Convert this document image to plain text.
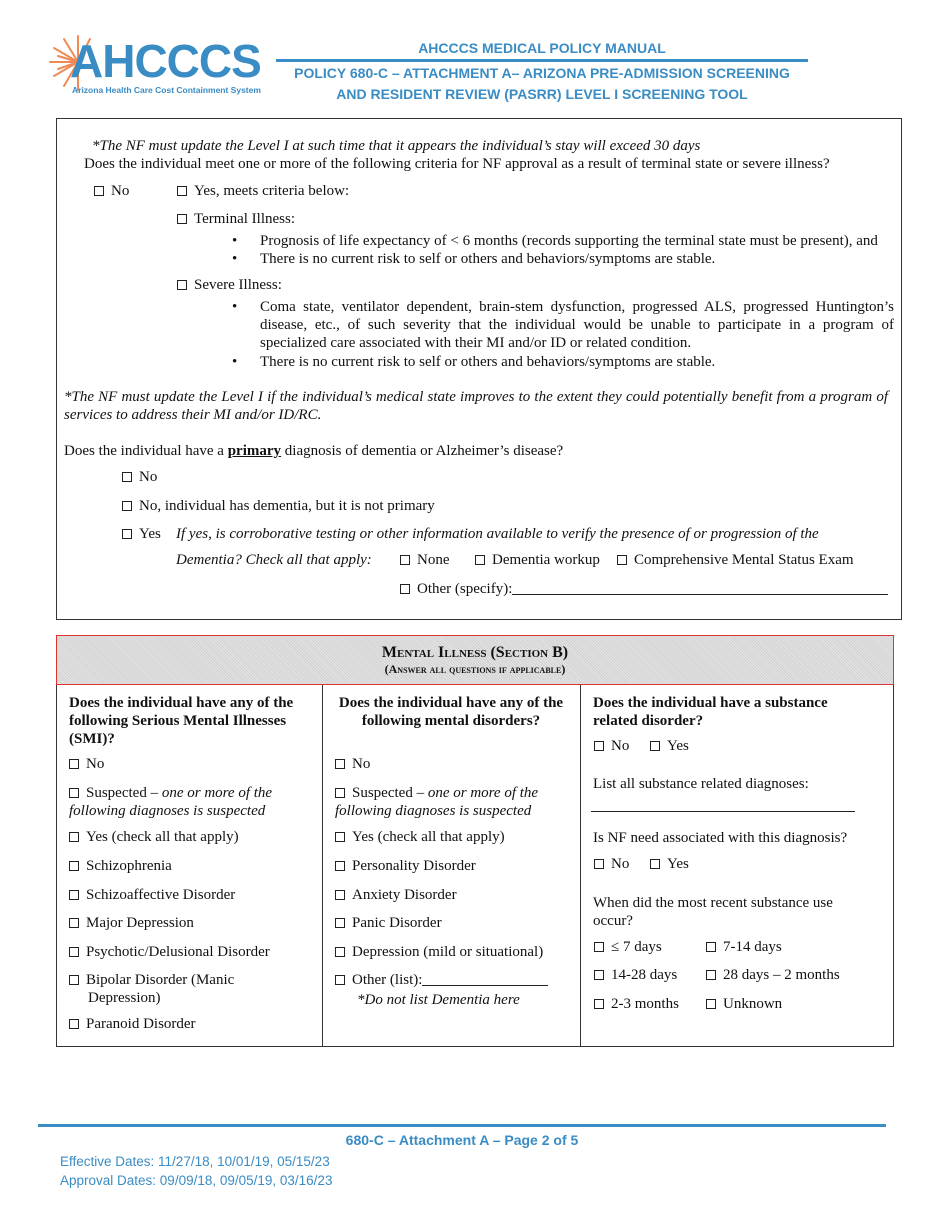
AHCCCS
Arizona Health Care Cost Containment System
AHCCCS MEDICAL POLICY MANUAL
POLICY 680-C – ATTACHMENT A– ARIZONA PRE-ADMISSION SCREENING
AND RESIDENT REVIEW (PASRR) LEVEL I SCREENING TOOL
*The NF must update the Level I at such time that it appears the individual’s stay will exceed 30 days
Does the individual meet one or more of the following criteria for NF approval as a result of terminal state or severe illness?
No	Yes, meets criteria below:
Terminal Illness:
• Prognosis of life expectancy of < 6 months (records supporting the terminal state must be present), and
• There is no current risk to self or others and behaviors/symptoms are stable.
Severe Illness:
• Coma state, ventilator dependent, brain-stem dysfunction, progressed ALS, progressed Huntington’s disease, etc., of such severity that the individual would be unable to participate in a program of specialized care associated with their MI and/or ID or related condition.
• There is no current risk to self or others and behaviors/symptoms are stable.
*The NF must update the Level I if the individual’s medical state improves to the extent they could potentially benefit from a program of services to address their MI and/or ID/RC.
Does the individual have a primary diagnosis of dementia or Alzheimer’s disease?
No
No, individual has dementia, but it is not primary
Yes If yes, is corroborative testing or other information available to verify the presence of or progression of the
Dementia? Check all that apply:	None	Dementia workup	Comprehensive Mental Status Exam
Other (specify):
Mental Illness (Section B)
(Answer all questions if applicable)
Does the individual have any of the following Serious Mental Illnesses (SMI)?
No
Suspected – one or more of the following diagnoses is suspected
Yes (check all that apply)
Schizophrenia
Schizoaffective Disorder
Major Depression
Psychotic/Delusional Disorder
Bipolar Disorder (Manic Depression)
Paranoid Disorder
Does the individual have any of the following mental disorders?
No
Suspected – one or more of the following diagnoses is suspected
Yes (check all that apply)
Personality Disorder
Anxiety Disorder
Panic Disorder
Depression (mild or situational)
Other (list):
*Do not list Dementia here
Does the individual have a substance related disorder?
No	Yes
List all substance related diagnoses:
Is NF need associated with this diagnosis?
No	Yes
When did the most recent substance use occur?
≤ 7 days	7-14 days
14-28 days	28 days – 2 months
2-3 months	Unknown
680-C – Attachment A – Page 2 of 5
Effective Dates: 11/27/18, 10/01/19, 05/15/23
Approval Dates: 09/09/18, 09/05/19, 03/16/23
